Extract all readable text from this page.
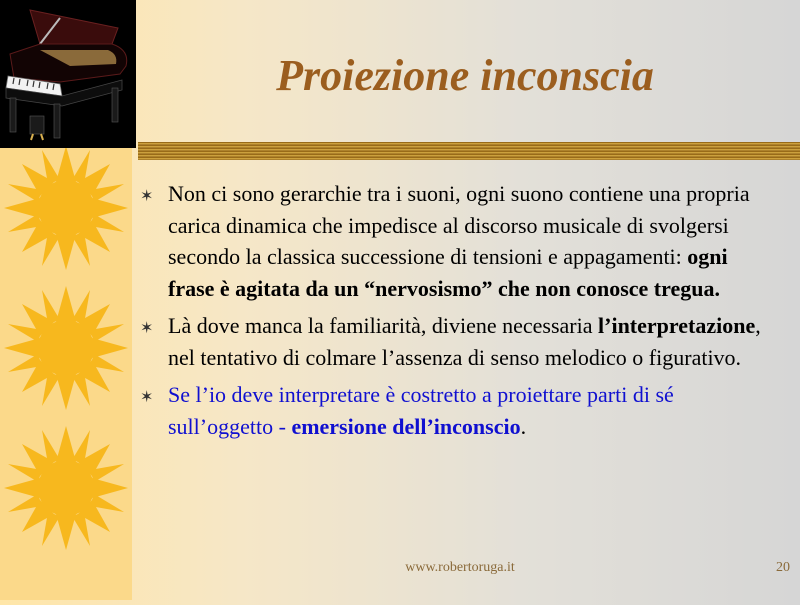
Proiezione inconscia
✶ Non ci sono gerarchie tra i suoni, ogni suono contiene una propria carica dinamica che impedisce al discorso musicale di svolgersi secondo la classica successione di tensioni e appagamenti: ogni frase è agitata da un “nervosismo” che non conosce tregua.
✶ Là dove manca la familiarità, diviene necessaria l’interpretazione, nel tentativo di colmare l’assenza di senso melodico o figurativo.
✶ Se l’io deve interpretare è costretto a proiettare parti di sé sull’oggetto - emersione dell’inconscio.
www.robertoruga.it	20
